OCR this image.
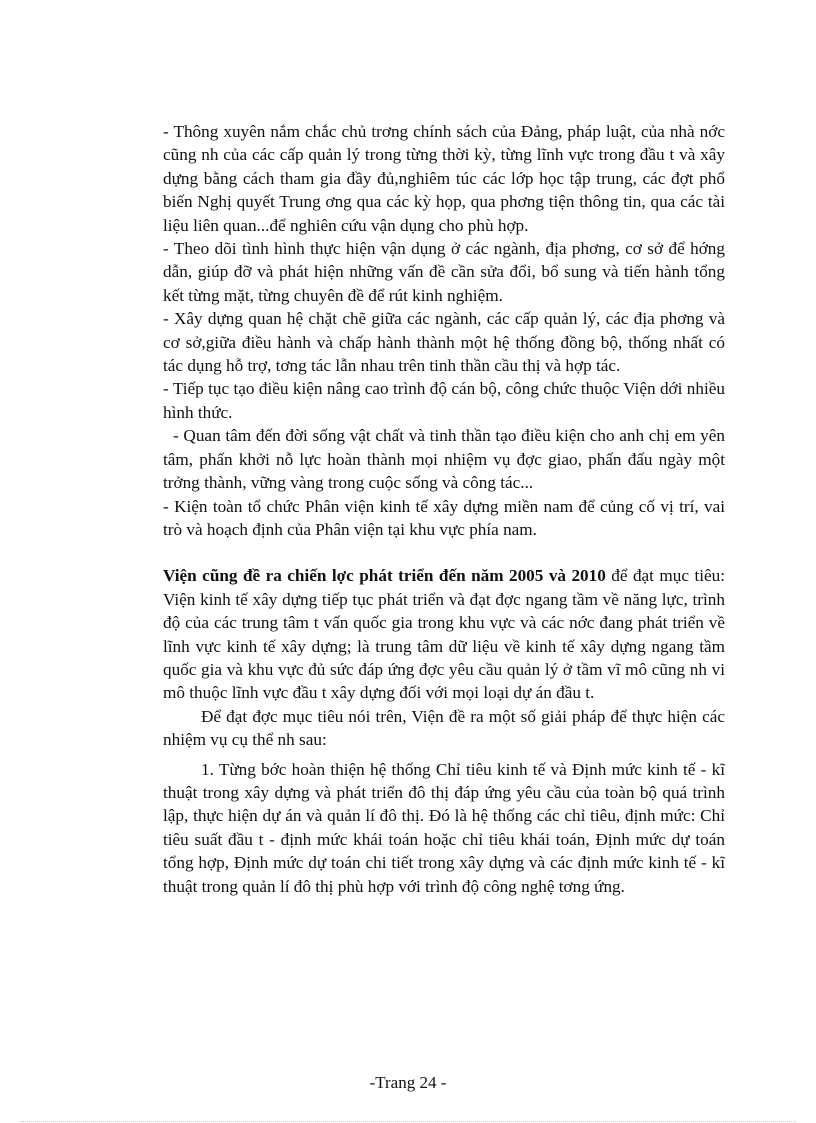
- Thông xuyên nắm chắc chủ trơng chính sách của Đảng, pháp luật, của nhà nớc cũng nh của các cấp quản lý trong từng thời kỳ, từng lĩnh vực trong đầu t và xây dựng bằng cách tham gia đầy đủ,nghiêm túc các lớp học tập trung, các đợt phổ biến Nghị quyết Trung ơng qua các kỳ họp, qua phơng tiện thông tin, qua các tài liệu liên quan...để nghiên cứu vận dụng cho phù hợp.

- Theo dõi tình hình thực hiện vận dụng ở các ngành, địa phơng, cơ sở để hớng dẫn, giúp đỡ và phát hiện những vấn đề cần sửa đổi, bổ sung và tiến hành tổng kết từng mặt, từng chuyên đề để rút kinh nghiệm.

- Xây dựng quan hệ chặt chẽ giữa các ngành, các cấp quản lý, các địa phơng và cơ sở,giữa điều hành và chấp hành thành một hệ thống đồng bộ, thống nhất có tác dụng hỗ trợ, tơng tác lẫn nhau trên tinh thần cầu thị và hợp tác.

- Tiếp tục tạo điều kiện nâng cao trình độ cán bộ, công chức thuộc Viện dới nhiều hình thức.

- Quan tâm đến đời sống vật chất và tinh thần tạo điều kiện cho anh chị em yên tâm, phấn khởi nỗ lực hoàn thành mọi nhiệm vụ đợc giao, phấn đấu ngày một trởng thành, vững vàng trong cuộc sống và công tác...

- Kiện toàn tổ chức Phân viện kinh tế xây dựng miền nam để củng cố vị trí, vai trò và hoạch định của Phân viện tại khu vực phía nam.

Viện cũng đề ra chiến lợc phát triển đến năm 2005 và 2010 để đạt mục tiêu: Viện kinh tế xây dựng tiếp tục phát triển và đạt đợc ngang tầm về năng lực, trình độ của các trung tâm t vấn quốc gia trong khu vực và các nớc đang phát triển về lĩnh vực kinh tế xây dựng; là trung tâm dữ liệu về kinh tế xây dựng ngang tầm quốc gia và khu vực đủ sức đáp ứng đợc yêu cầu quản lý ở tầm vĩ mô cũng nh vi mô thuộc lĩnh vực đầu t xây dựng đối với mọi loại dự án đầu t.

Để đạt đợc mục tiêu nói trên, Viện đề ra một số giải pháp để thực hiện các nhiệm vụ cụ thể nh sau:

1. Từng bớc hoàn thiện hệ thống Chỉ tiêu kinh tế và Định mức kinh tế - kĩ thuật trong xây dựng và phát triển đô thị đáp ứng yêu cầu của toàn bộ quá trình lập, thực hiện dự án và quản lí đô thị. Đó là hệ thống các chỉ tiêu, định mức: Chỉ tiêu suất đầu t - định mức khái toán hoặc chỉ tiêu khái toán, Định mức dự toán tổng hợp, Định mức dự toán chi tiết trong xây dựng và các định mức kinh tế - kĩ thuật trong quản lí đô thị phù hợp với trình độ công nghệ tơng ứng.

-Trang 24 -
